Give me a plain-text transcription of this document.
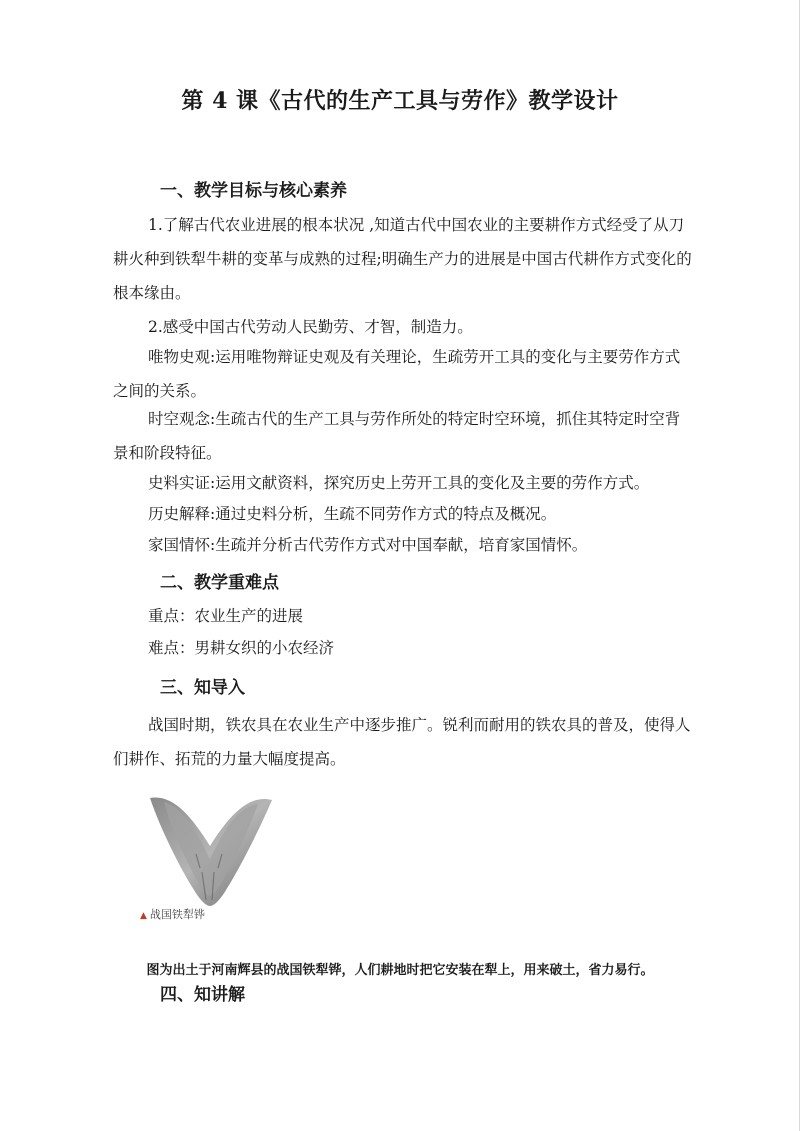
第 4 课《古代的生产工具与劳作》教学设计
一、教学目标与核心素养

1.了解古代农业进展的根本状况 ,知道古代中国农业的主要耕作方式经受了从刀耕火种到铁犁牛耕的变革与成熟的过程;明确生产力的进展是中国古代耕作方式变化的根本缘由。

2.感受中国古代劳动人民勤劳、才智，制造力。

唯物史观:运用唯物辩证史观及有关理论，生疏劳开工具的变化与主要劳作方式之间的关系。

时空观念:生疏古代的生产工具与劳作所处的特定时空环境，抓住其特定时空背景和阶段特征。

史料实证:运用文献资料，探究历史上劳开工具的变化及主要的劳作方式。

历史解释:通过史料分析，生疏不同劳作方式的特点及概况。

家国情怀:生疏并分析古代劳作方式对中国奉献，培育家国情怀。

二、教学重难点

重点：农业生产的进展

难点：男耕女织的小农经济

三、知导入

战国时期，铁农具在农业生产中逐步推广。锐利而耐用的铁农具的普及，使得人们耕作、拓荒的力量大幅度提高。

▲ 战国铁犁铧

图为出土于河南辉县的战国铁犁铧，人们耕地时把它安装在犁上，用来破土，省力易行。

四、知讲解
